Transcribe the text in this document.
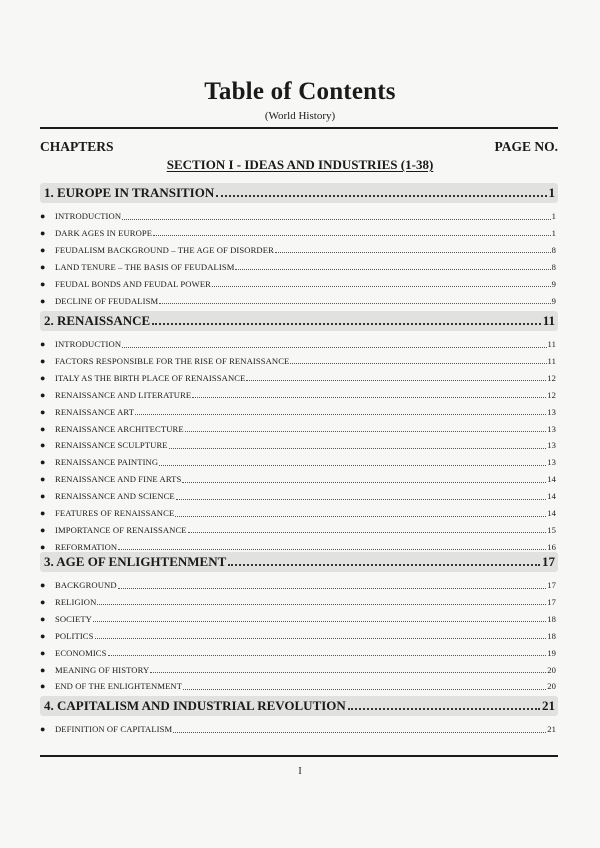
Table of Contents
(World History)
CHAPTERS	PAGE NO.
SECTION I - IDEAS AND INDUSTRIES (1-38)
1. EUROPE IN TRANSITION	1
●	INTRODUCTION	1
●	DARK AGES IN EUROPE	1
●	FEUDALISM BACKGROUND – THE AGE OF DISORDER	8
●	LAND TENURE – THE BASIS OF FEUDALISM	8
●	FEUDAL BONDS AND FEUDAL POWER	9
●	DECLINE OF FEUDALISM	9
2. RENAISSANCE	11
●	INTRODUCTION	11
●	FACTORS RESPONSIBLE FOR THE RISE OF RENAISSANCE	11
●	ITALY AS THE BIRTH PLACE OF RENAISSANCE	12
●	RENAISSANCE AND LITERATURE	12
●	RENAISSANCE ART	13
●	RENAISSANCE ARCHITECTURE	13
●	RENAISSANCE SCULPTURE	13
●	RENAISSANCE PAINTING	13
●	RENAISSANCE AND FINE ARTS	14
●	RENAISSANCE AND SCIENCE	14
●	FEATURES OF RENAISSANCE	14
●	IMPORTANCE OF RENAISSANCE	15
●	REFORMATION	16
3. AGE OF ENLIGHTENMENT	17
●	BACKGROUND	17
●	RELIGION	17
●	SOCIETY	18
●	POLITICS	18
●	ECONOMICS	19
●	MEANING OF HISTORY	20
●	END OF THE ENLIGHTENMENT	20
4. CAPITALISM AND INDUSTRIAL REVOLUTION	21
●	DEFINITION OF CAPITALISM	21
I
